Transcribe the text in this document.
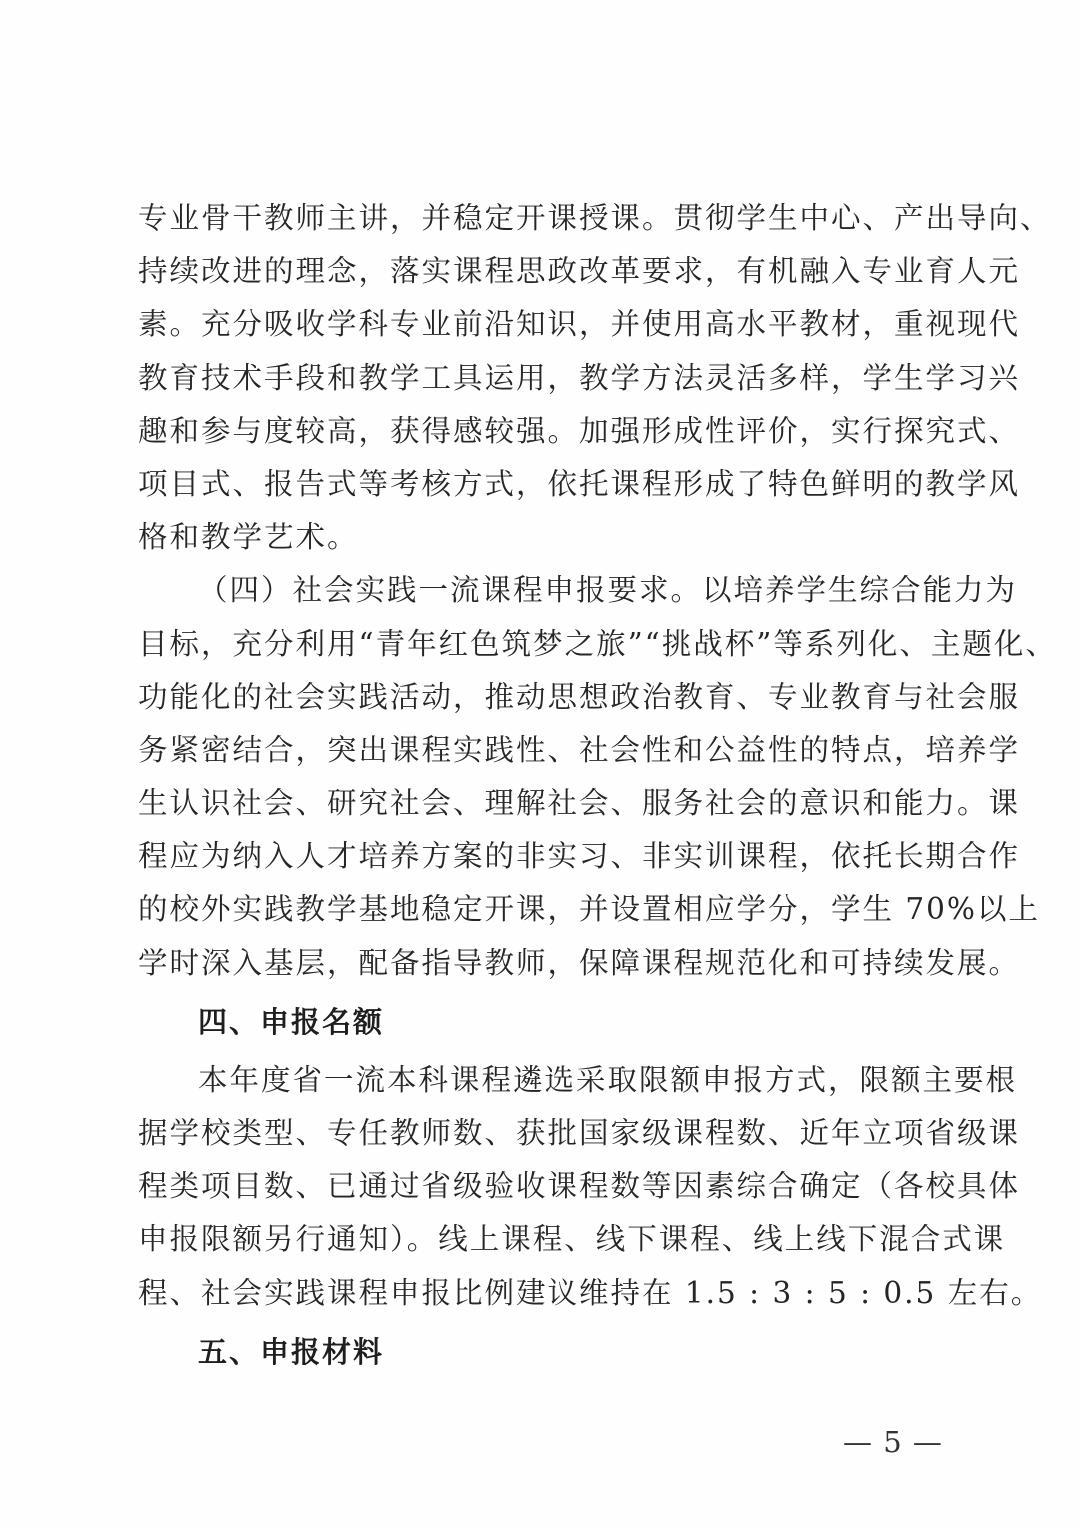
专业骨干教师主讲，并稳定开课授课。贯彻学生中心、产出导向、
持续改进的理念，落实课程思政改革要求，有机融入专业育人元
素。充分吸收学科专业前沿知识，并使用高水平教材，重视现代
教育技术手段和教学工具运用，教学方法灵活多样，学生学习兴
趣和参与度较高，获得感较强。加强形成性评价，实行探究式、
项目式、报告式等考核方式，依托课程形成了特色鲜明的教学风
格和教学艺术。
（四）社会实践一流课程申报要求。以培养学生综合能力为
目标，充分利用“青年红色筑梦之旅”“挑战杯”等系列化、主题化、
功能化的社会实践活动，推动思想政治教育、专业教育与社会服
务紧密结合，突出课程实践性、社会性和公益性的特点，培养学
生认识社会、研究社会、理解社会、服务社会的意识和能力。课
程应为纳入人才培养方案的非实习、非实训课程，依托长期合作
的校外实践教学基地稳定开课，并设置相应学分，学生 70%以上
学时深入基层，配备指导教师，保障课程规范化和可持续发展。
四、申报名额
本年度省一流本科课程遴选采取限额申报方式，限额主要根
据学校类型、专任教师数、获批国家级课程数、近年立项省级课
程类项目数、已通过省级验收课程数等因素综合确定（各校具体
申报限额另行通知）。线上课程、线下课程、线上线下混合式课
程、社会实践课程申报比例建议维持在 1.5 : 3 : 5 : 0.5 左右。
五、申报材料
— 5 —
